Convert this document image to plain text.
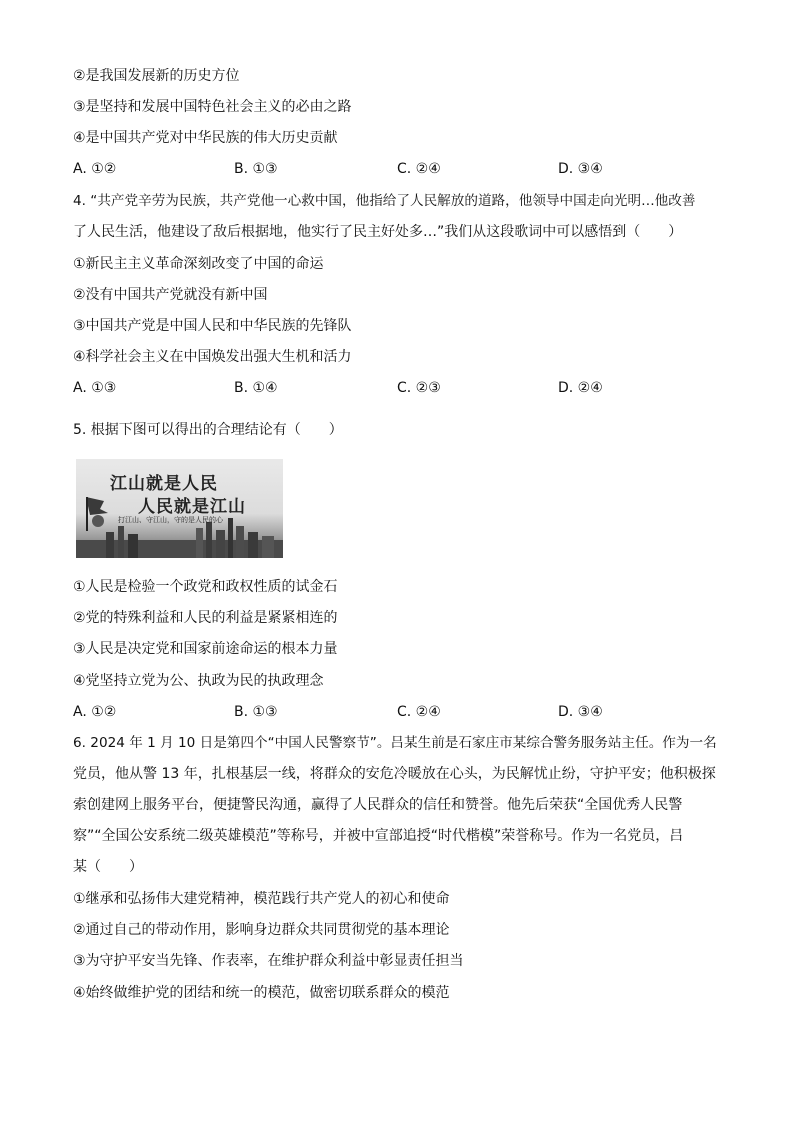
②是我国发展新的历史方位
③是坚持和发展中国特色社会主义的必由之路
④是中国共产党对中华民族的伟大历史贡献
A. ①②	B. ①③	C. ②④	D. ③④
4. “共产党辛劳为民族，共产党他一心救中国，他指给了人民解放的道路，他领导中国走向光明…他改善
了人民生活，他建设了敌后根据地，他实行了民主好处多…”我们从这段歌词中可以感悟到（　　）
①新民主主义革命深刻改变了中国的命运
②没有中国共产党就没有新中国
③中国共产党是中国人民和中华民族的先锋队
④科学社会主义在中国焕发出强大生机和活力
A. ①③	B. ①④	C. ②③	D. ②④
5. 根据下图可以得出的合理结论有（　　）
江山就是人民
人民就是江山
打江山、守江山，守的是人民的心
①人民是检验一个政党和政权性质的试金石
②党的特殊利益和人民的利益是紧紧相连的
③人民是决定党和国家前途命运的根本力量
④党坚持立党为公、执政为民的执政理念
A. ①②	B. ①③	C. ②④	D. ③④
6. 2024 年 1 月 10 日是第四个“中国人民警察节”。吕某生前是石家庄市某综合警务服务站主任。作为一名
党员，他从警 13 年，扎根基层一线，将群众的安危冷暖放在心头，为民解忧止纷，守护平安；他积极探
索创建网上服务平台，便捷警民沟通，赢得了人民群众的信任和赞誉。他先后荣获“全国优秀人民警
察”“全国公安系统二级英雄模范”等称号，并被中宣部追授“时代楷模”荣誉称号。作为一名党员，吕
某（　　）
①继承和弘扬伟大建党精神，模范践行共产党人的初心和使命
②通过自己的带动作用，影响身边群众共同贯彻党的基本理论
③为守护平安当先锋、作表率，在维护群众利益中彰显责任担当
④始终做维护党的团结和统一的模范，做密切联系群众的模范
